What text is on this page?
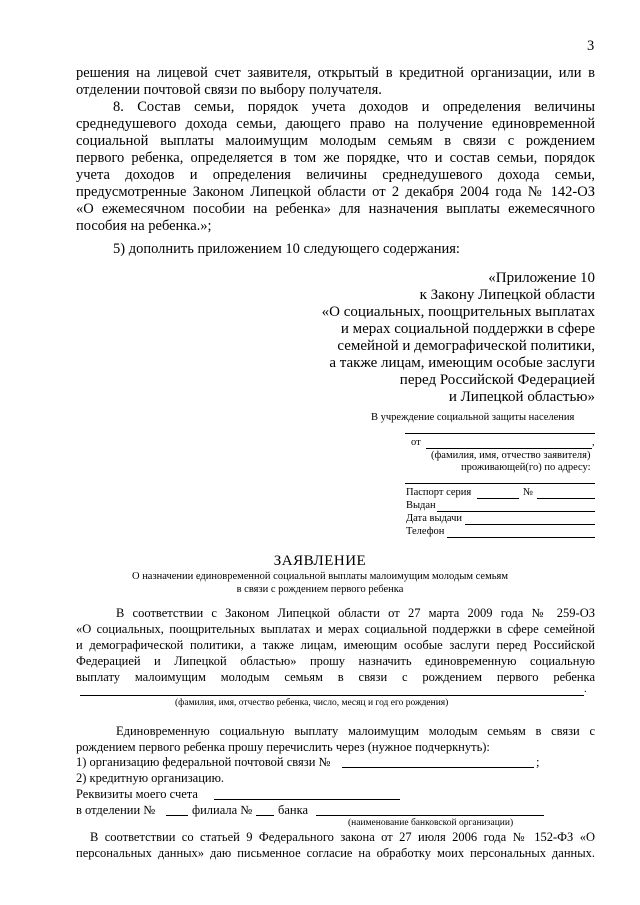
3
решения на лицевой счет заявителя, открытый в кредитной организации, или в
отделении почтовой связи по выбору получателя.
8. Состав семьи, порядок учета доходов и определения величины
среднедушевого дохода семьи, дающего право на получение единовременной
социальной выплаты малоимущим молодым семьям в связи с рождением
первого ребенка, определяется в том же порядке, что и состав семьи, порядок
учета доходов и определения величины среднедушевого дохода семьи,
предусмотренные Законом Липецкой области от 2 декабря 2004 года № 142-ОЗ
«О ежемесячном пособии на ребенка» для назначения выплаты ежемесячного
пособия на ребенка.»;
5) дополнить приложением 10 следующего содержания:
«Приложение 10
к Закону Липецкой области
«О социальных, поощрительных выплатах
и мерах социальной поддержки в сфере
семейной и демографической политики,
а также лицам, имеющим особые заслуги
перед Российской Федерацией
и Липецкой областью»
В учреждение социальной защиты населения
от	,
(фамилия, имя, отчество заявителя)
проживающей(го) по адресу:
Паспорт серия	№
Выдан
Дата выдачи
Телефон
ЗАЯВЛЕНИЕ
О назначении единовременной социальной выплаты малоимущим молодым семьям
в связи с рождением первого ребенка
В соответствии с Законом Липецкой области от 27 марта 2009 года № 259-ОЗ
«О социальных, поощрительных выплатах и мерах социальной поддержки в сфере семейной
и демографической политики, а также лицам, имеющим особые заслуги перед Российской
Федерацией и Липецкой областью» прошу назначить единовременную социальную
выплату малоимущим молодым семьям в связи с рождением первого ребенка
.
(фамилия, имя, отчество ребенка, число, месяц и год его рождения)
Единовременную социальную выплату малоимущим молодым семьям в связи с
рождением первого ребенка прошу перечислить через (нужное подчеркнуть):
1) организацию федеральной почтовой связи №	;
2) кредитную организацию.
Реквизиты моего счета
в отделении №	филиала № банка
(наименование банковской организации)
В соответствии со статьей 9 Федерального закона от 27 июля 2006 года № 152-ФЗ «О
персональных данных» даю письменное согласие на обработку моих персональных данных.
